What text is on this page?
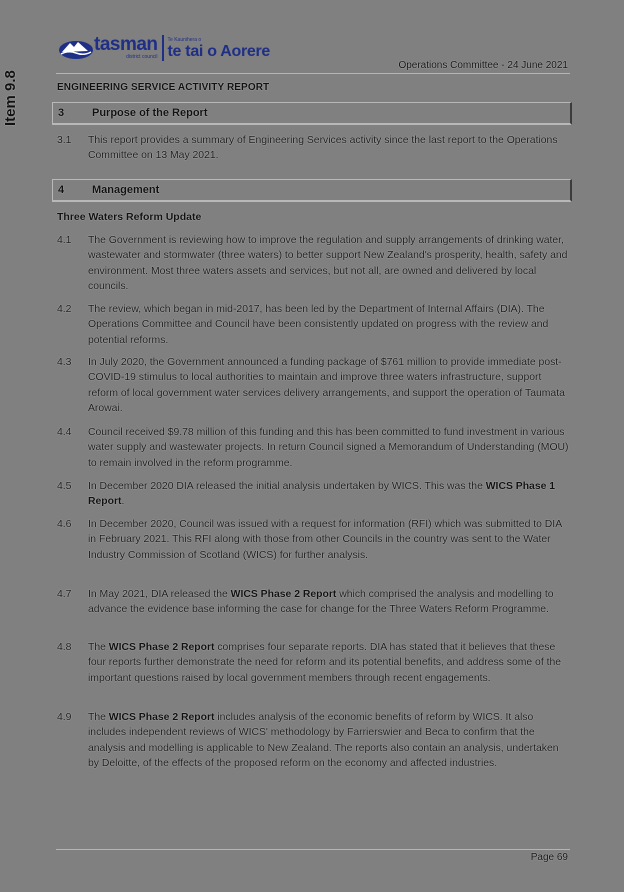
Item 9.8
tasman
district council
Te Kaunihera o
te tai o Aorere
Operations Committee - 24 June 2021
ENGINEERING SERVICE ACTIVITY REPORT
3	Purpose of the Report
3.1	This report provides a summary of Engineering Services activity since the last report to the Operations Committee on 13 May 2021.
4	Management
Three Waters Reform Update
4.1	The Government is reviewing how to improve the regulation and supply arrangements of drinking water, wastewater and stormwater (three waters) to better support New Zealand's prosperity, health, safety and environment. Most three waters assets and services, but not all, are owned and delivered by local councils.
4.2	The review, which began in mid-2017, has been led by the Department of Internal Affairs (DIA). The Operations Committee and Council have been consistently updated on progress with the review and potential reforms.
4.3	In July 2020, the Government announced a funding package of $761 million to provide immediate post-COVID-19 stimulus to local authorities to maintain and improve three waters infrastructure, support reform of local government water services delivery arrangements, and support the operation of Taumata Arowai.
4.4	Council received $9.78 million of this funding and this has been committed to fund investment in various water supply and wastewater projects. In return Council signed a Memorandum of Understanding (MOU) to remain involved in the reform programme.
4.5	In December 2020 DIA released the initial analysis undertaken by WICS. This was the WICS Phase 1 Report.
4.6	In December 2020, Council was issued with a request for information (RFI) which was submitted to DIA in February 2021. This RFI along with those from other Councils in the country was sent to the Water Industry Commission of Scotland (WICS) for further analysis.
4.7	In May 2021, DIA released the WICS Phase 2 Report which comprised the analysis and modelling to advance the evidence base informing the case for change for the Three Waters Reform Programme.
4.8	The WICS Phase 2 Report comprises four separate reports. DIA has stated that it believes that these four reports further demonstrate the need for reform and its potential benefits, and address some of the important questions raised by local government members through recent engagements.
4.9	The WICS Phase 2 Report includes analysis of the economic benefits of reform by WICS. It also includes independent reviews of WICS' methodology by Farrierswier and Beca to confirm that the analysis and modelling is applicable to New Zealand. The reports also contain an analysis, undertaken by Deloitte, of the effects of the proposed reform on the economy and affected industries.
Page 69
